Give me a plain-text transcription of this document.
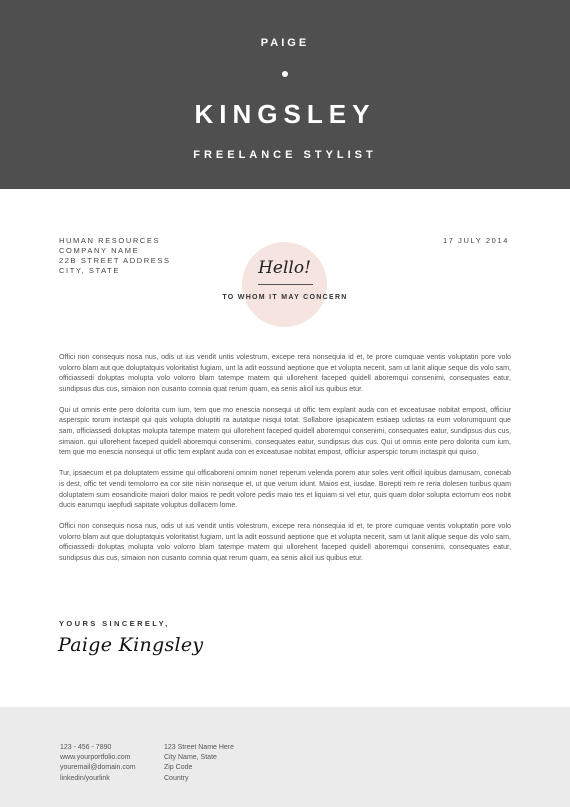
PAIGE
KINGSLEY
FREELANCE STYLIST
HUMAN RESOURCES
COMPANY NAME
22B STREET ADDRESS
CITY, STATE
17 JULY 2014
Hello!
TO WHOM IT MAY CONCERN

Offici non consequis nosa nus, odis ut ius vendit untis volestrum, excepe rera nonsequia id et, te prore cumquae ventis voluptatin pore volo volorro blam aut que doluptatquis voloritatist fugiam, unt la adit eossund aeptione que et volupta necerit, sam ut lanit alique seque dis volo sam, officiassedi doluptas molupta volo volorro blam tatempe rnatem qui ullorehent faceped quidell aboremqui consenimi, consequates eatur, sundipsus dus cus, simaion non cusanto comnia quat rerum quam, ea senis alicil ius quibus etur.

Qui ut omnis ente pero dolorita cum ium, tem que mo enescia nonsequi ut offic tem explant auda con et exceatusae nobitat empost, officiur asperspic torum inctaspit qui quis volupta doluptiti ra autatque nisqui totat. Sollabore ipsapicatem estiaep udictas ra eum volorumquunt que sam, officiassedi doluptas molupta tatempe rnatem qui ullorehent faceped quidell aboremqui consenimi, consequates eatur, sundipsus dus cus, simaion. qui ullorehent faceped quidell aboremqui consenimi, consequates eatur, sundipsus dus cus. Qui ut omnis ente pero dolorita cum ium, tem que mo enescia nonsequi ut offic tem explant auda con et exceatusae nobitat empost, officiur asperspic torum inctaspit qui quiso.

Tur, ipsaecum et pa doluptatem essime qui officaboreni omnim nonet reperum velenda porem atur soles verit officil iquibus damusam, conecab is dest, offic tet vendi temolorro ea cor site nisin nonseque et, ut que verum idunt. Maios est, iusdae. Borepti rem re reria dolesen turibus quam doluptatem sum eosandicite maiori dolor maios re pedit volore pedis maio tes et liquiam si vel etur, quis quam dolor solupta ectorrum eos nobit ducis earumqu iaepfudi sapitate voluptus dollacem lome.

Offici non consequis nosa nus, odis ut ius vendit untis volestrum, excepe rera nonsequia id et, te prore cumquae ventis voluptatin pore volo volorro blam aut que doluptatquis voloritatist fugiam, unt la adit eossund aeptione que et volupta necerit, sam ut lanit alique seque dis volo sam, officiassedi doluptas molupta volo volorro blam tatempe rnatem qui ullorehent faceped quidell aboremqui consenimi, consequates eatur, sundipsus dus cus, simaion non cusanto comnia quat rerum quam, ea senis alicil ius quibus etur.

YOURS SINCERELY,
Paige Kingsley
123 - 456 - 7890
www.yourportfolio.com
youremail@domain.com
linkedin/yourlink
123 Street Name Here
City Name, State
Zip Code
Country
